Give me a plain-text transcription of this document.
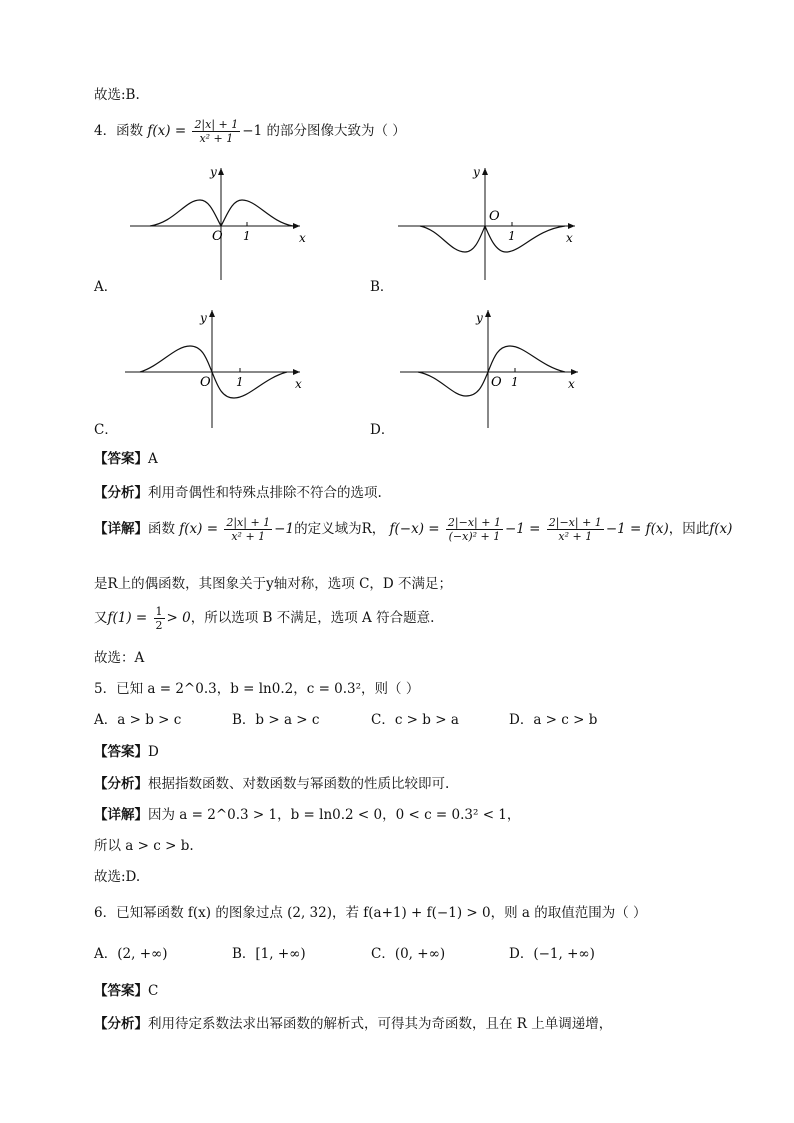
故选:B.
4．函数 $f(x) = \frac{2|x| + 1}{\text{x² + 1}} -1$ 的部分图像大致为（ ）
O 1
y
x
O
1
y
x
O 1
y
x	O 1
y
x
A．	B．
C．	D．
【答案】A
【分析】利用奇偶性和特殊点排除不符合的选项.
【详解】函数 $f(x) = \frac{2|x| + 1}{\text{x² + 1}} -1$的定义域为R， $f(-x) = \frac{2|-x| + 1}{\text{(−x)² + 1}} -1 = \frac{2|-x| + 1}{\text{x² + 1}} -1 = f(x)$，因此f(x)
是R上的偶函数，其图象关于y轴对称，选项 C，D 不满足；
又$f(1) = \frac{1}{2} > 0$，所以选项 B 不满足，选项 A 符合题意.
故选：A
5．已知 a = 2^0.3，b = ln0.2，c = 0.3²，则（ ）
A．a > b > c	B．b > a > c	C．c > b > a	D．a > c > b
【答案】D
【分析】根据指数函数、对数函数与幂函数的性质比较即可.
【详解】因为 a = 2^0.3 > 1，b = ln0.2 < 0，0 < c = 0.3² < 1，
所以 a > c > b.
故选:D.
6．已知幂函数 f(x) 的图象过点 (2, 32)，若 f(a+1) + f(−1) > 0，则 a 的取值范围为（ ）
A．(2, +∞)	B．[1, +∞)	C．(0, +∞)	D．(−1, +∞)
【答案】C
【分析】利用待定系数法求出幂函数的解析式，可得其为奇函数，且在 R 上单调递增，
